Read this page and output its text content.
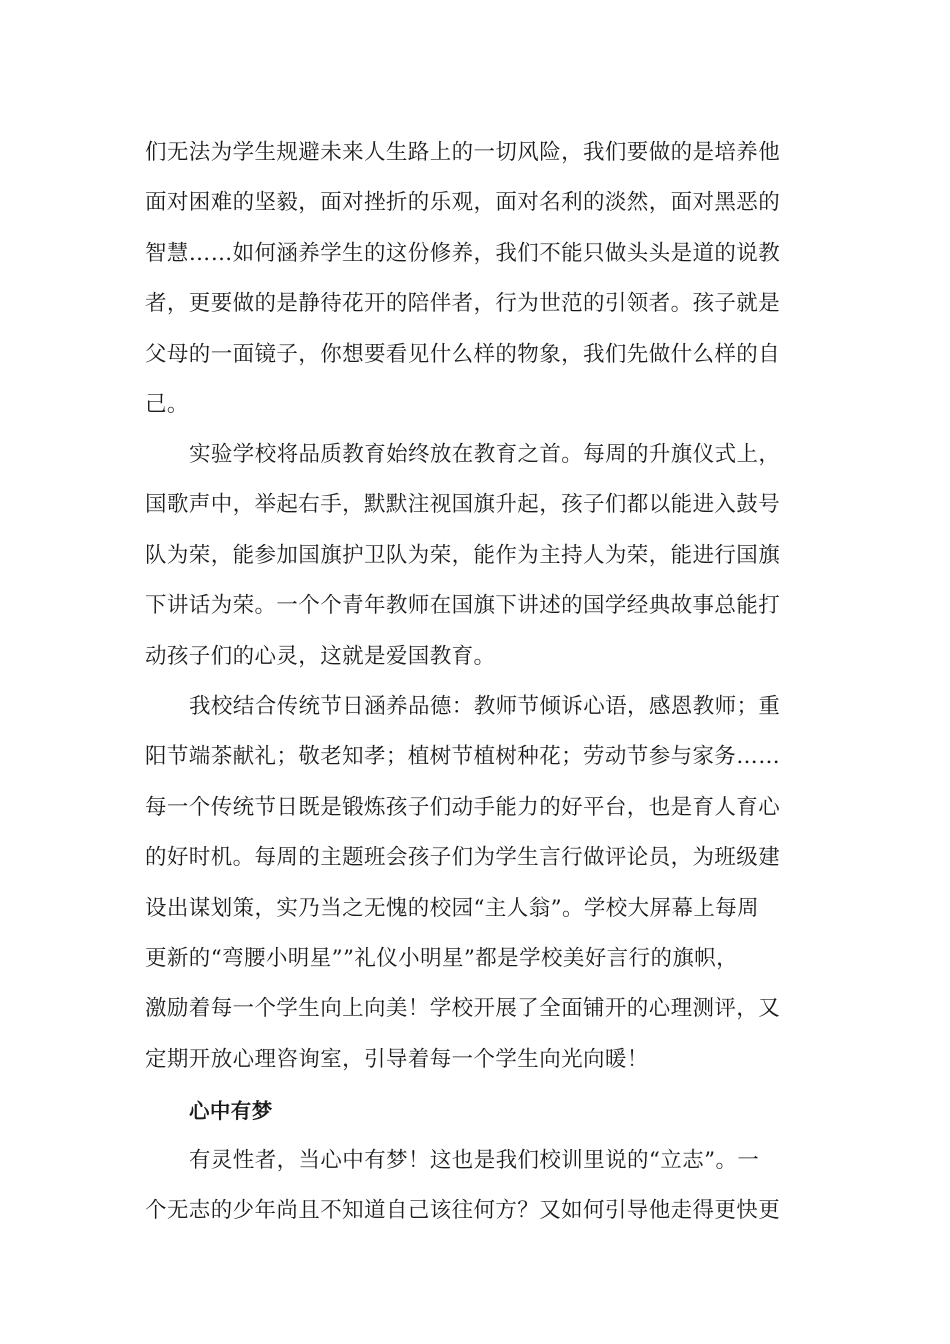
们无法为学生规避未来人生路上的一切风险，我们要做的是培养他
面对困难的坚毅，面对挫折的乐观，面对名利的淡然，面对黑恶的
智慧……如何涵养学生的这份修养，我们不能只做头头是道的说教
者，更要做的是静待花开的陪伴者，行为世范的引领者。孩子就是
父母的一面镜子，你想要看见什么样的物象，我们先做什么样的自
己。
实验学校将品质教育始终放在教育之首。每周的升旗仪式上，
国歌声中，举起右手，默默注视国旗升起，孩子们都以能进入鼓号
队为荣，能参加国旗护卫队为荣，能作为主持人为荣，能进行国旗
下讲话为荣。一个个青年教师在国旗下讲述的国学经典故事总能打
动孩子们的心灵，这就是爱国教育。
我校结合传统节日涵养品德：教师节倾诉心语，感恩教师；重
阳节端茶献礼；敬老知孝；植树节植树种花；劳动节参与家务……
每一个传统节日既是锻炼孩子们动手能力的好平台，也是育人育心
的好时机。每周的主题班会孩子们为学生言行做评论员，为班级建
设出谋划策，实乃当之无愧的校园“主人翁”。学校大屏幕上每周
更新的“弯腰小明星””礼仪小明星”都是学校美好言行的旗帜，
激励着每一个学生向上向美！学校开展了全面铺开的心理测评，又
定期开放心理咨询室，引导着每一个学生向光向暖！
心中有梦
有灵性者，当心中有梦！这也是我们校训里说的“立志”。一
个无志的少年尚且不知道自己该往何方？又如何引导他走得更快更
